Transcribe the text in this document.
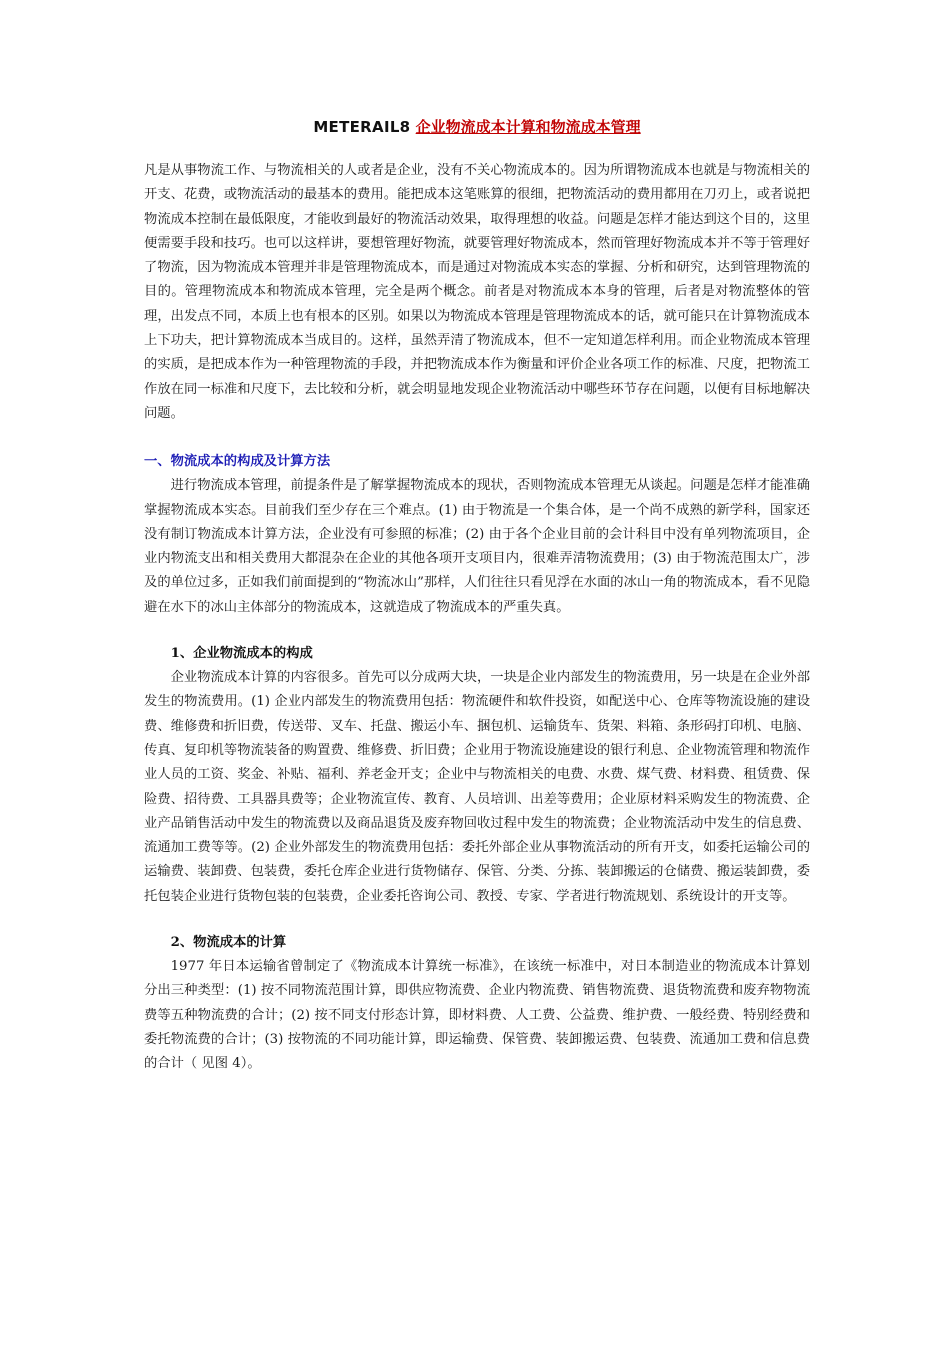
METERAIL8 企业物流成本计算和物流成本管理

凡是从事物流工作、与物流相关的人或者是企业，没有不关心物流成本的。因为所谓物流成本也就是与物流相关的开支、花费，或物流活动的最基本的费用。能把成本这笔账算的很细，把物流活动的费用都用在刀刃上，或者说把物流成本控制在最低限度，才能收到最好的物流活动效果，取得理想的收益。问题是怎样才能达到这个目的，这里便需要手段和技巧。也可以这样讲，要想管理好物流，就要管理好物流成本，然而管理好物流成本并不等于管理好了物流，因为物流成本管理并非是管理物流成本，而是通过对物流成本实态的掌握、分析和研究，达到管理物流的目的。管理物流成本和物流成本管理，完全是两个概念。前者是对物流成本本身的管理，后者是对物流整体的管理，出发点不同，本质上也有根本的区别。如果以为物流成本管理是管理物流成本的话，就可能只在计算物流成本上下功夫，把计算物流成本当成目的。这样，虽然弄清了物流成本，但不一定知道怎样利用。而企业物流成本管理的实质，是把成本作为一种管理物流的手段，并把物流成本作为衡量和评价企业各项工作的标准、尺度，把物流工作放在同一标准和尺度下，去比较和分析，就会明显地发现企业物流活动中哪些环节存在问题，以便有目标地解决问题。

一、物流成本的构成及计算方法

进行物流成本管理，前提条件是了解掌握物流成本的现状，否则物流成本管理无从谈起。问题是怎样才能准确掌握物流成本实态。目前我们至少存在三个难点。(1) 由于物流是一个集合体，是一个尚不成熟的新学科，国家还没有制订物流成本计算方法，企业没有可参照的标准；(2) 由于各个企业目前的会计科目中没有单列物流项目，企业内物流支出和相关费用大都混杂在企业的其他各项开支项目内，很难弄清物流费用；(3) 由于物流范围太广，涉及的单位过多，正如我们前面提到的“物流冰山”那样，人们往往只看见浮在水面的冰山一角的物流成本，看不见隐避在水下的冰山主体部分的物流成本，这就造成了物流成本的严重失真。

1、企业物流成本的构成

企业物流成本计算的内容很多。首先可以分成两大块，一块是企业内部发生的物流费用，另一块是在企业外部发生的物流费用。(1) 企业内部发生的物流费用包括：物流硬件和软件投资，如配送中心、仓库等物流设施的建设费、维修费和折旧费，传送带、叉车、托盘、搬运小车、捆包机、运输货车、货架、料箱、条形码打印机、电脑、传真、复印机等物流装备的购置费、维修费、折旧费；企业用于物流设施建设的银行利息、企业物流管理和物流作业人员的工资、奖金、补贴、福利、养老金开支；企业中与物流相关的电费、水费、煤气费、材料费、租赁费、保险费、招待费、工具器具费等；企业物流宣传、教育、人员培训、出差等费用；企业原材料采购发生的物流费、企业产品销售活动中发生的物流费以及商品退货及废弃物回收过程中发生的物流费；企业物流活动中发生的信息费、流通加工费等等。(2) 企业外部发生的物流费用包括：委托外部企业从事物流活动的所有开支，如委托运输公司的运输费、装卸费、包装费，委托仓库企业进行货物储存、保管、分类、分拣、装卸搬运的仓储费、搬运装卸费，委托包装企业进行货物包装的包装费，企业委托咨询公司、教授、专家、学者进行物流规划、系统设计的开支等。

2、物流成本的计算

1977 年日本运输省曾制定了《物流成本计算统一标准》，在该统一标准中，对日本制造业的物流成本计算划分出三种类型：(1) 按不同物流范围计算，即供应物流费、企业内物流费、销售物流费、退货物流费和废弃物物流费等五种物流费的合计；(2) 按不同支付形态计算，即材料费、人工费、公益费、维护费、一般经费、特别经费和委托物流费的合计；(3) 按物流的不同功能计算，即运输费、保管费、装卸搬运费、包装费、流通加工费和信息费的合计（ 见图 4）。
